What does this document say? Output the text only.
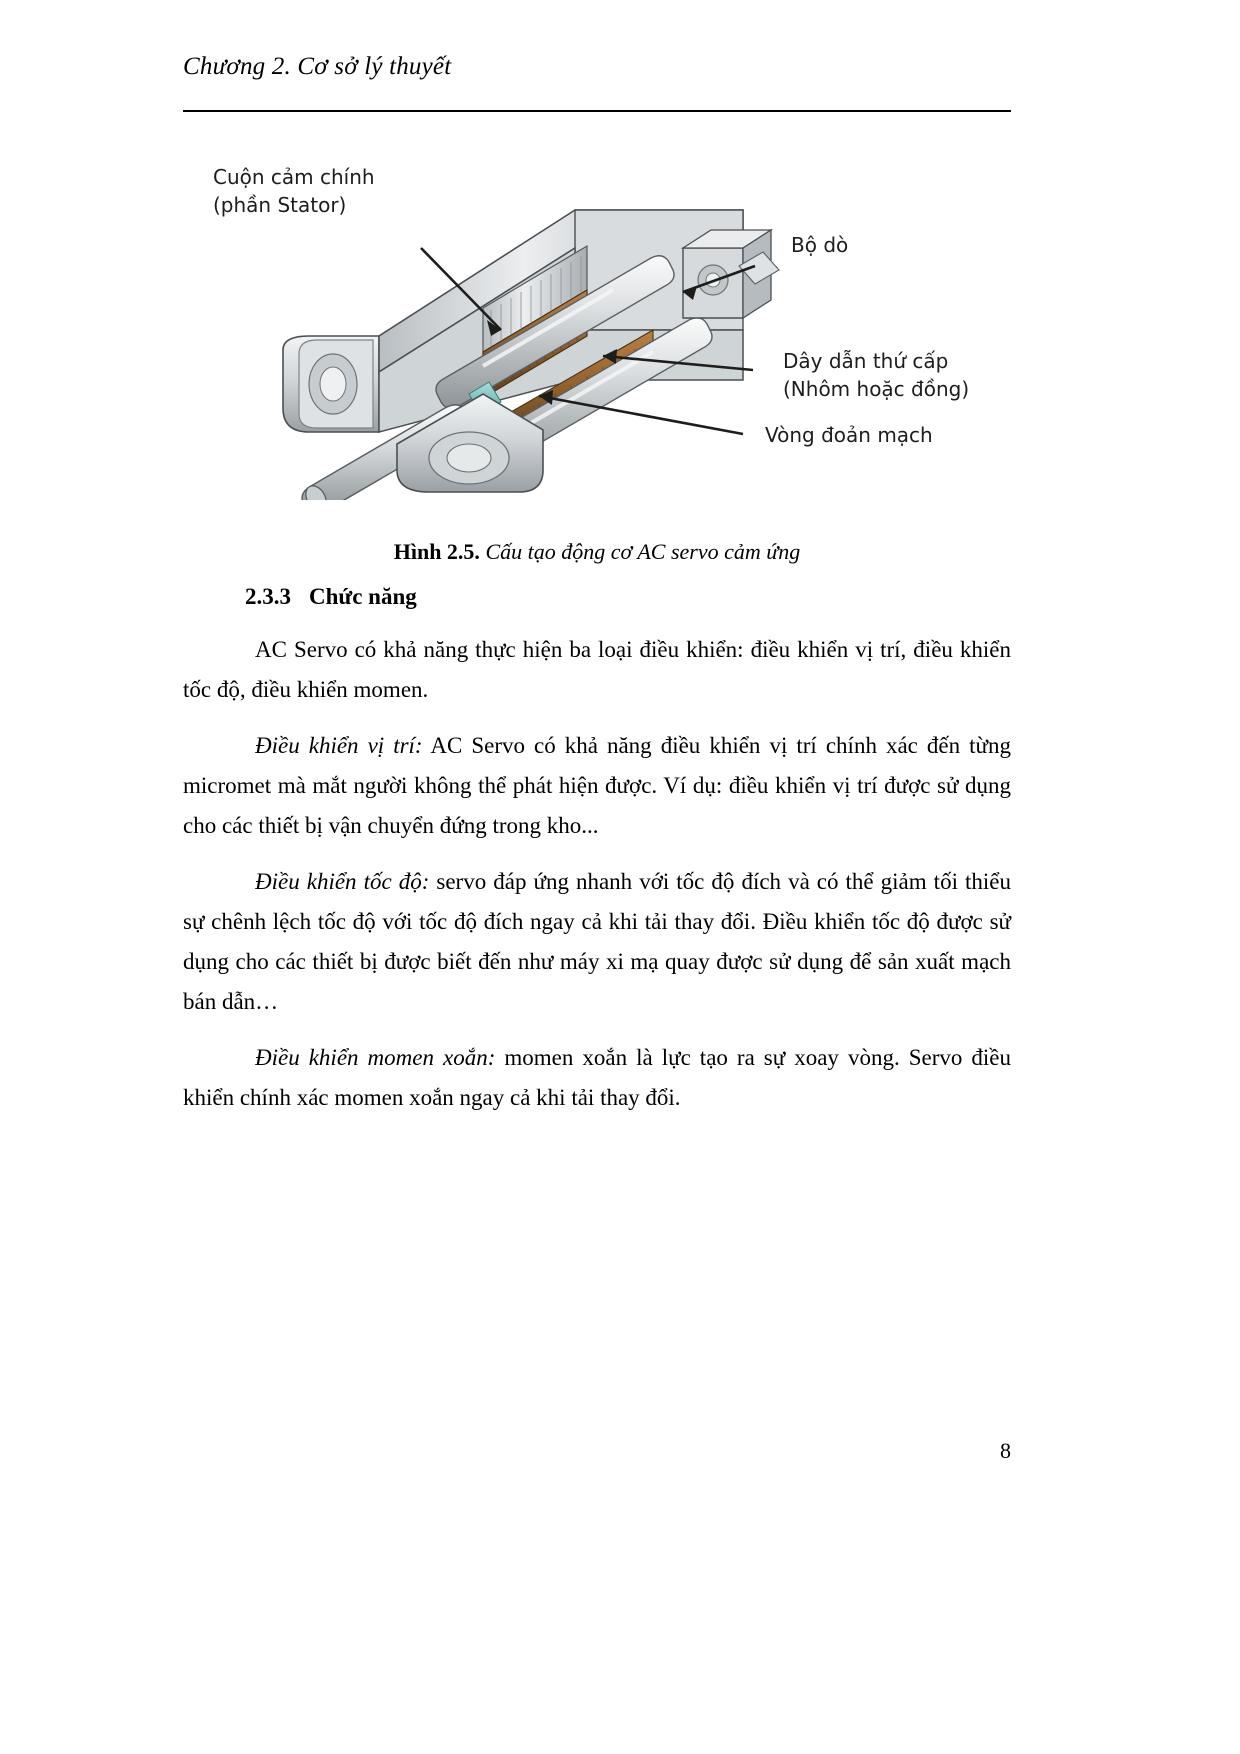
Chương 2. Cơ sở lý thuyết
Cuộn cảm chính
(phần Stator)
Bộ dò
Dây dẫn thứ cấp
(Nhôm hoặc đồng)
Vòng đoản mạch
Hình 2.5. Cấu tạo động cơ AC servo cảm ứng
2.3.3 Chức năng

AC Servo có khả năng thực hiện ba loại điều khiển: điều khiển vị trí, điều khiển tốc độ, điều khiển momen.

Điều khiển vị trí: AC Servo có khả năng điều khiển vị trí chính xác đến từng micromet mà mắt người không thể phát hiện được. Ví dụ: điều khiển vị trí được sử dụng cho các thiết bị vận chuyển đứng trong kho...

Điều khiển tốc độ: servo đáp ứng nhanh với tốc độ đích và có thể giảm tối thiểu sự chênh lệch tốc độ với tốc độ đích ngay cả khi tải thay đổi. Điều khiển tốc độ được sử dụng cho các thiết bị được biết đến như máy xi mạ quay được sử dụng để sản xuất mạch bán dẫn…

Điều khiển momen xoắn: momen xoắn là lực tạo ra sự xoay vòng. Servo điều khiển chính xác momen xoắn ngay cả khi tải thay đổi.

8
